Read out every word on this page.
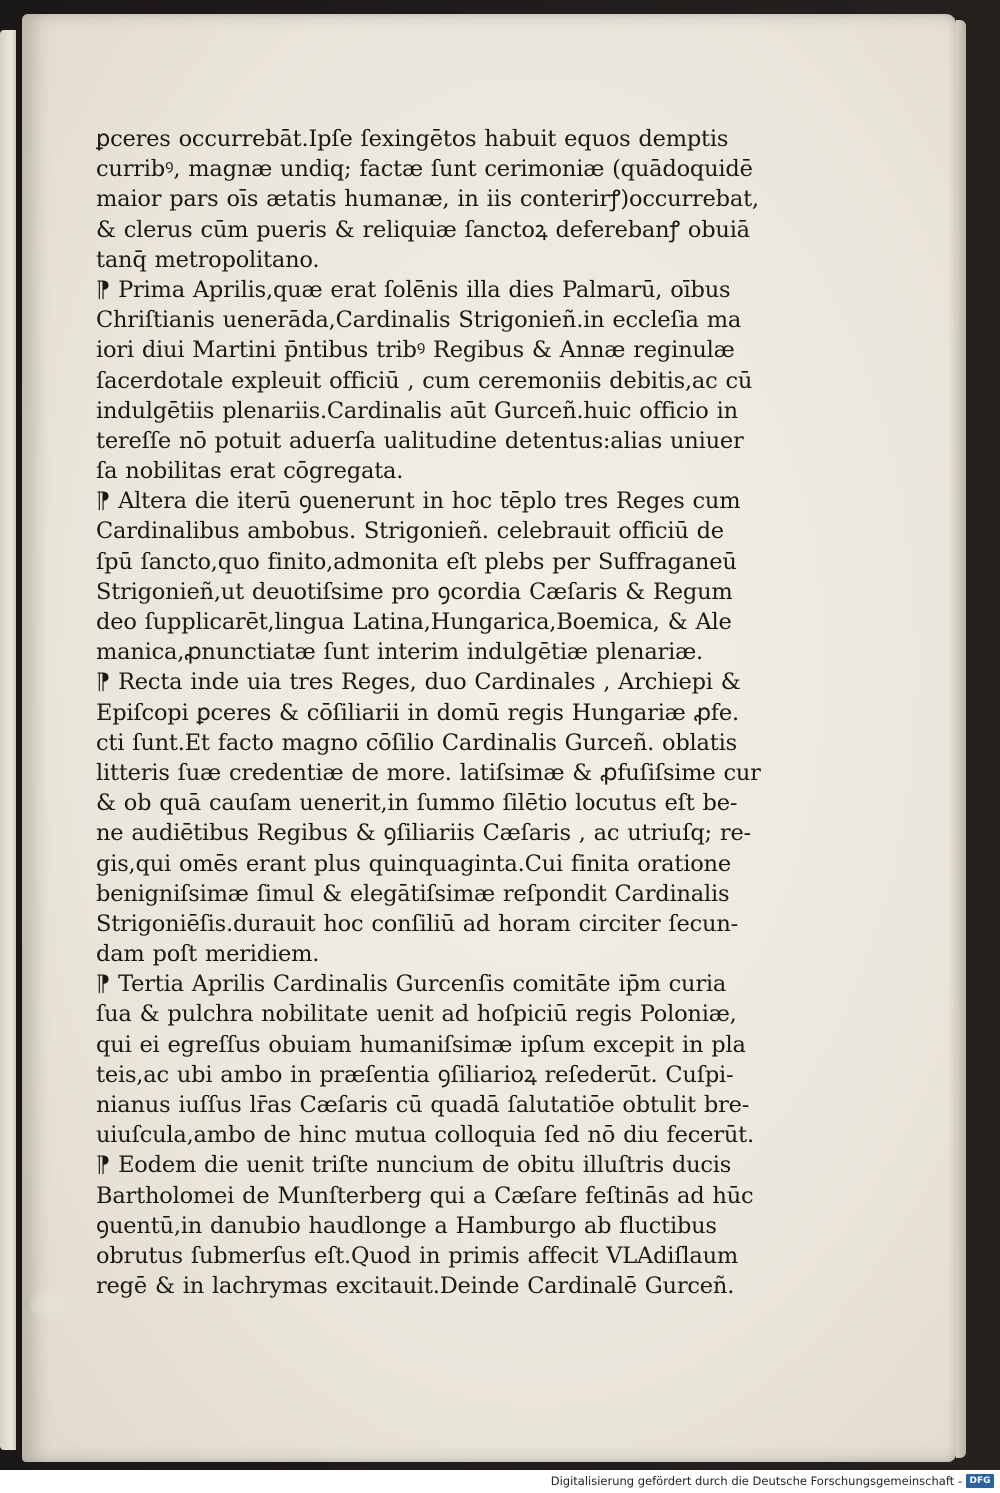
ꝑceres occurrebāt.Ipſe ſexingētos habuit equos demptis
curribꝰ, magnæ undiq; factæ ſunt cerimoniæ (quādoquidē
maior pars oīs ætatis humanæ, in iis conterirꝭ)occurrebat,
& clerus cūm pueris & reliquiæ ſanctoꝝ deferebanꝭ obuiā
tanq̄ metropolitano.
⁋ Prima Aprilis,quæ erat ſolēnis illa dies Palmarū, oībus
Chriſtianis uenerāda,Cardinalis Strigonieñ.in eccleſia ma
iori diui Martini p̄ntibus tribꝰ Regibus & Annæ reginulæ
ſacerdotale expleuit officiū , cum ceremoniis debitis,ac cū
indulgētiis plenariis.Cardinalis aūt Gurceñ.huic officio in
tereſſe nō potuit aduerſa ualitudine detentus:alias uniuer
ſa nobilitas erat cōgregata.
⁋ Altera die iterū ꝯuenerunt in hoc tēplo tres Reges cum
Cardinalibus ambobus. Strigonieñ. celebrauit officiū de
ſpū ſancto,quo finito,admonita eſt plebs per Suffraganeū
Strigonieñ,ut deuotiſsime pro ꝯcordia Cæſaris & Regum
deo ſupplicarēt,lingua Latina,Hungarica,Boemica, & Ale
manica,ꝓnunctiatæ ſunt interim indulgētiæ plenariæ.
⁋ Recta inde uia tres Reges, duo Cardinales , Archiepi &
Epiſcopi ꝑceres & cōſiliarii in domū regis Hungariæ ꝓfe.
cti ſunt.Et facto magno cōſilio Cardinalis Gurceñ. oblatis
litteris ſuæ credentiæ de more. latiſsimæ & ꝓfuſiſsime cur
& ob quā cauſam uenerit,in ſummo ſilētio locutus eſt be-
ne audiētibus Regibus & ꝯſiliariis Cæſaris , ac utriuſq; re-
gis,qui omēs erant plus quinquaginta.Cui finita oratione
benigniſsimæ ſimul & elegātiſsimæ reſpondit Cardinalis
Strigoniēſis.durauit hoc conſiliū ad horam circiter ſecun-
dam poſt meridiem.
⁋ Tertia Aprilis Cardinalis Gurcenſis comitāte ip̄m curia
ſua & pulchra nobilitate uenit ad hoſpiciū regis Poloniæ,
qui ei egreſſus obuiam humaniſsimæ ipſum excepit in pla
teis,ac ubi ambo in præſentia ꝯſiliarioꝝ reſederūt. Cuſpi-
nianus iuſſus lr̄as Cæſaris cū quadā ſalutatiōe obtulit bre-
uiuſcula,ambo de hinc mutua colloquia ſed nō diu fecerūt.
⁋ Eodem die uenit triſte nuncium de obitu illuſtris ducis
Bartholomei de Munſterberg qui a Cæſare feſtinās ad hūc
ꝯuentū,in danubio haudlonge a Hamburgo ab fluctibus
obrutus ſubmerſus eſt.Quod in primis affecit VLAdiſlaum
regē & in lachrymas excitauit.Deinde Cardinalē Gurceñ.
Digitalisierung gefördert durch die Deutsche Forschungsgemeinschaft - DFG
